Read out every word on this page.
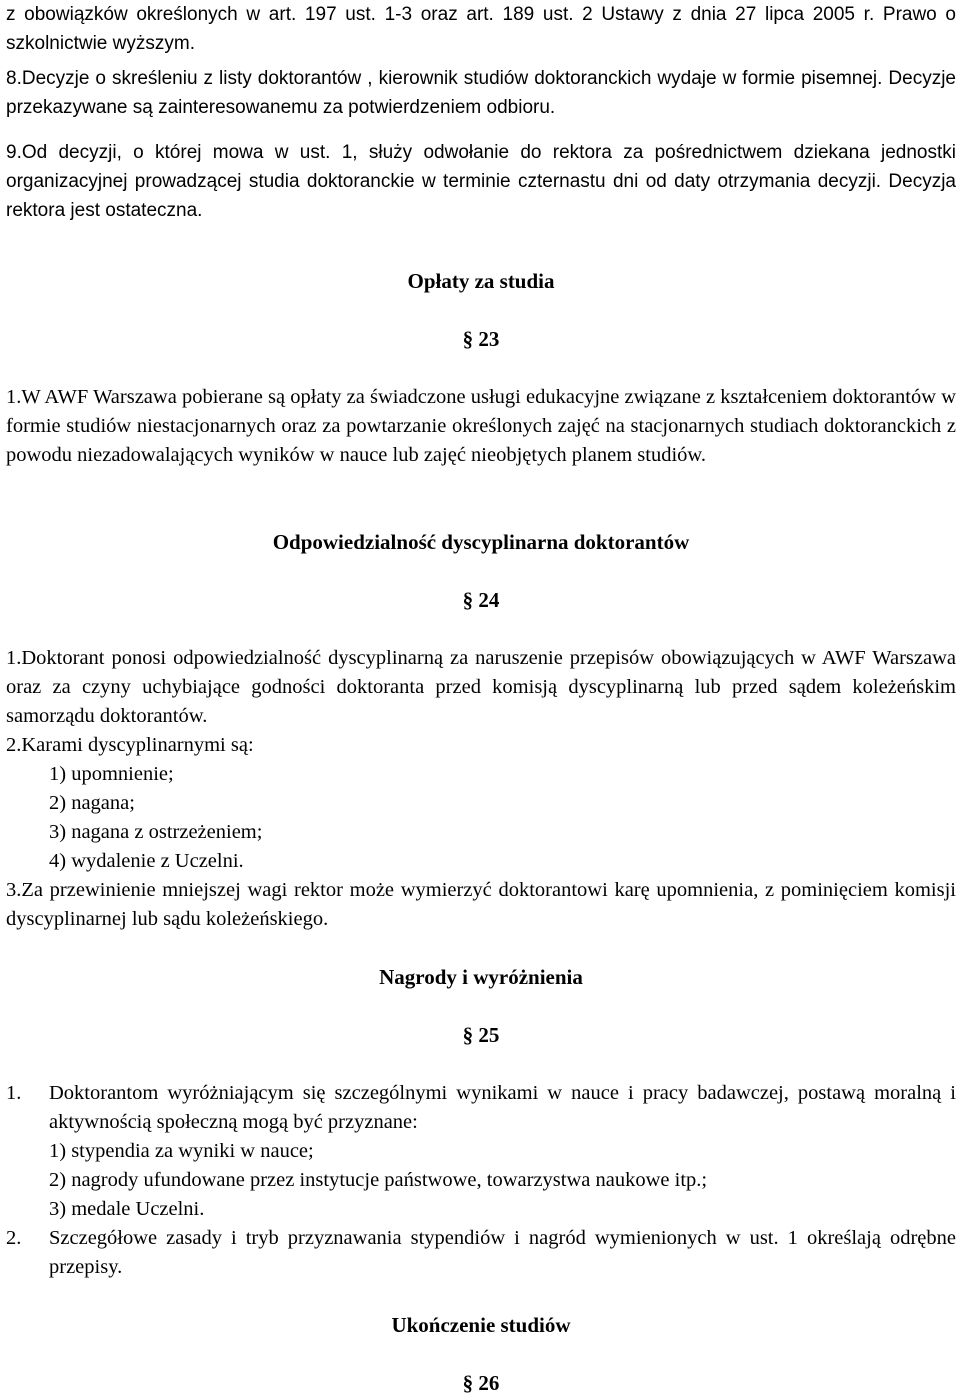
z obowiązków określonych w art. 197 ust. 1-3 oraz art. 189 ust. 2 Ustawy z dnia 27 lipca 2005 r. Prawo o szkolnictwie wyższym.

8.Decyzje o skreśleniu z listy doktorantów , kierownik studiów doktoranckich wydaje w formie pisemnej. Decyzje przekazywane są zainteresowanemu za potwierdzeniem odbioru.

9.Od decyzji, o której mowa w ust. 1, służy odwołanie do rektora za pośrednictwem dziekana jednostki organizacyjnej prowadzącej studia doktoranckie w terminie czternastu dni od daty otrzymania decyzji. Decyzja rektora jest ostateczna.

Opłaty za studia

§ 23

1.W AWF Warszawa pobierane są opłaty za świadczone usługi edukacyjne związane z kształceniem doktorantów w formie studiów niestacjonarnych oraz za powtarzanie określonych zajęć na stacjonarnych studiach doktoranckich z powodu niezadowalających wyników w nauce lub zajęć nieobjętych planem studiów.

Odpowiedzialność dyscyplinarna doktorantów

§ 24

1.Doktorant ponosi odpowiedzialność dyscyplinarną za naruszenie przepisów obowiązujących w AWF Warszawa oraz za czyny uchybiające godności doktoranta przed komisją dyscyplinarną lub przed sądem koleżeńskim samorządu doktorantów.

2.Karami dyscyplinarnymi są:

1) upomnienie;

2) nagana;

3) nagana z ostrzeżeniem;

4) wydalenie z Uczelni.

3.Za przewinienie mniejszej wagi rektor może wymierzyć doktorantowi karę upomnienia, z pominięciem komisji dyscyplinarnej lub sądu koleżeńskiego.

Nagrody i wyróżnienia

§ 25

1.	Doktorantom wyróżniającym się szczególnymi wynikami w nauce i pracy badawczej, postawą moralną i aktywnością społeczną mogą być przyznane:

1) stypendia za wyniki w nauce;

2) nagrody ufundowane przez instytucje państwowe, towarzystwa naukowe itp.;

3) medale Uczelni.

2.	Szczegółowe zasady i tryb przyznawania stypendiów i nagród wymienionych w ust. 1 określają odrębne przepisy.

Ukończenie studiów

§ 26
